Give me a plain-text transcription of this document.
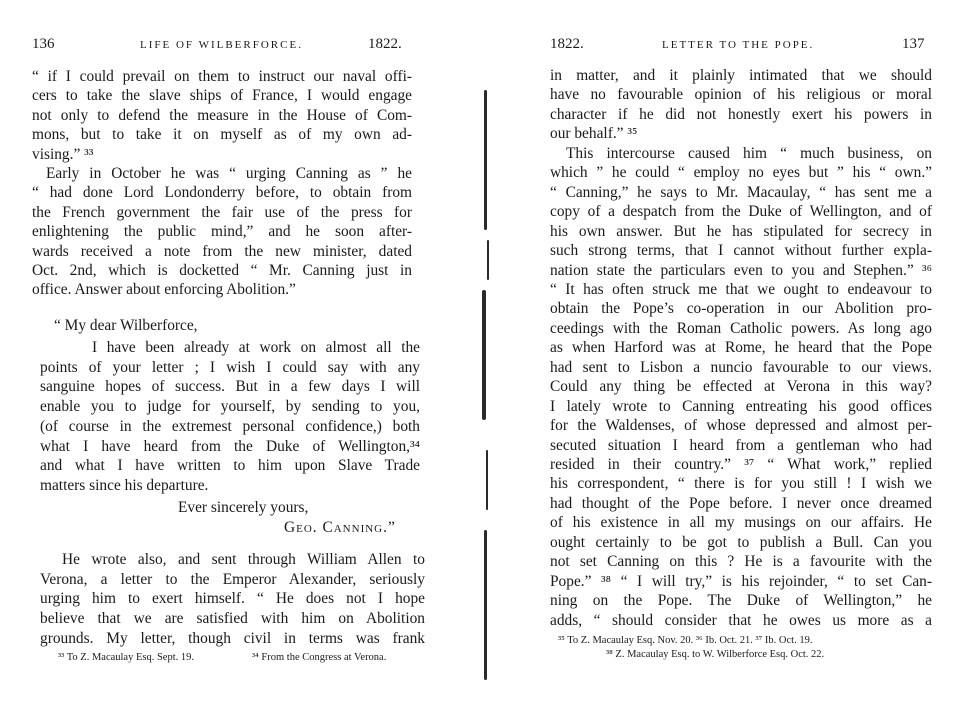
136	LIFE OF WILBERFORCE.	1822.
“ if I could prevail on them to instruct our naval offi-
cers to take the slave ships of France, I would engage
not only to defend the measure in the House of Com-
mons, but to take it on myself as of my own ad-
vising.” ³³
Early in October he was “ urging Canning as ” he
“ had done Lord Londonderry before, to obtain from
the French government the fair use of the press for
enlightening the public mind,” and he soon after-
wards received a note from the new minister, dated
Oct. 2nd, which is docketted “ Mr. Canning just in
office. Answer about enforcing Abolition.”
“ My dear Wilberforce,
I have been already at work on almost all the
points of your letter ; I wish I could say with any
sanguine hopes of success. But in a few days I will
enable you to judge for yourself, by sending to you,
(of course in the extremest personal confidence,) both
what I have heard from the Duke of Wellington,³⁴
and what I have written to him upon Slave Trade
matters since his departure.
Ever sincerely yours,
Geo. Canning.”
He wrote also, and sent through William Allen to
Verona, a letter to the Emperor Alexander, seriously
urging him to exert himself. “ He does not I hope
believe that we are satisfied with him on Abolition
grounds. My letter, though civil in terms was frank
³³ To Z. Macaulay Esq. Sept. 19.	³⁴ From the Congress at Verona.
1822.	LETTER TO THE POPE.	137
in matter, and it plainly intimated that we should
have no favourable opinion of his religious or moral
character if he did not honestly exert his powers in
our behalf.” ³⁵
This intercourse caused him “ much business, on
which ” he could “ employ no eyes but ” his “ own.”
“ Canning,” he says to Mr. Macaulay, “ has sent me a
copy of a despatch from the Duke of Wellington, and of
his own answer. But he has stipulated for secrecy in
such strong terms, that I cannot without further expla-
nation state the particulars even to you and Stephen.” ³⁶
“ It has often struck me that we ought to endeavour to
obtain the Pope’s co-operation in our Abolition pro-
ceedings with the Roman Catholic powers. As long ago
as when Harford was at Rome, he heard that the Pope
had sent to Lisbon a nuncio favourable to our views.
Could any thing be effected at Verona in this way?
I lately wrote to Canning entreating his good offices
for the Waldenses, of whose depressed and almost per-
secuted situation I heard from a gentleman who had
resided in their country.” ³⁷ “ What work,” replied
his correspondent, “ there is for you still ! I wish we
had thought of the Pope before. I never once dreamed
of his existence in all my musings on our affairs. He
ought certainly to be got to publish a Bull. Can you
not set Canning on this ? He is a favourite with the
Pope.” ³⁸ “ I will try,” is his rejoinder, “ to set Can-
ning on the Pope. The Duke of Wellington,” he
adds, “ should consider that he owes us more as a
³⁵ To Z. Macaulay Esq. Nov. 20. ³⁶ Ib. Oct. 21. ³⁷ Ib. Oct. 19.
³⁸ Z. Macaulay Esq. to W. Wilberforce Esq. Oct. 22.
